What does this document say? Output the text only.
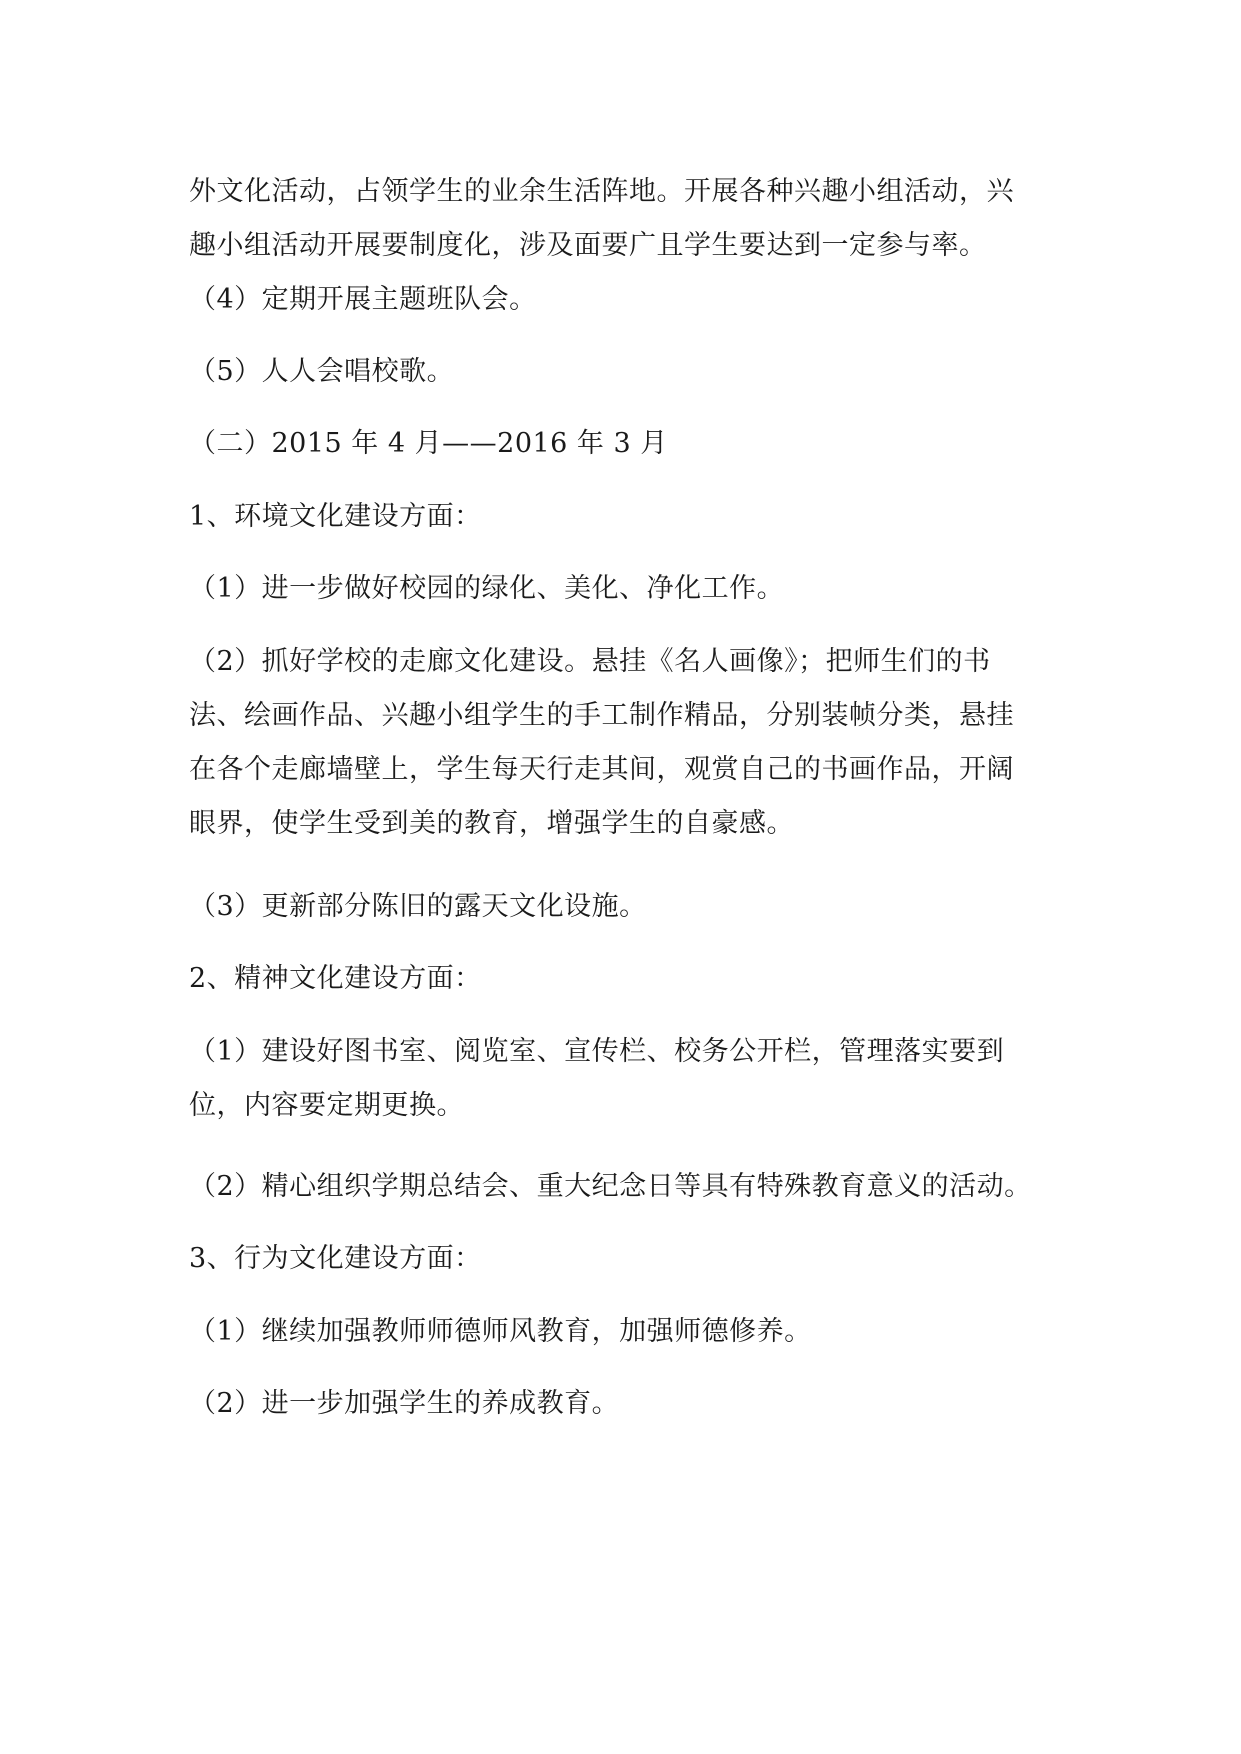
外文化活动，占领学生的业余生活阵地。开展各种兴趣小组活动，兴
趣小组活动开展要制度化，涉及面要广且学生要达到一定参与率。
（4）定期开展主题班队会。
（5）人人会唱校歌。
（二）2015 年 4 月——2016 年 3 月
1、环境文化建设方面：
（1）进一步做好校园的绿化、美化、净化工作。
（2）抓好学校的走廊文化建设。悬挂《名人画像》；把师生们的书
法、绘画作品、兴趣小组学生的手工制作精品，分别装帧分类，悬挂
在各个走廊墙壁上，学生每天行走其间，观赏自己的书画作品，开阔
眼界，使学生受到美的教育，增强学生的自豪感。
（3）更新部分陈旧的露天文化设施。
2、精神文化建设方面：
（1）建设好图书室、阅览室、宣传栏、校务公开栏，管理落实要到
位，内容要定期更换。
（2）精心组织学期总结会、重大纪念日等具有特殊教育意义的活动。
3、行为文化建设方面：
（1）继续加强教师师德师风教育，加强师德修养。
（2）进一步加强学生的养成教育。
